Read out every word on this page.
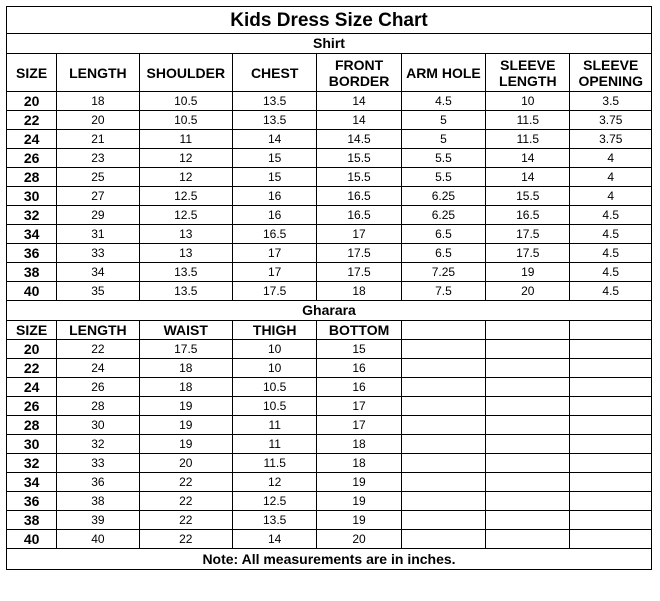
Kids Dress Size Chart							
Shirt							
SIZE	LENGTH	SHOULDER	CHEST	FRONT BORDER	ARM HOLE	SLEEVE LENGTH	SLEEVE OPENING
20	18	10.5	13.5	14	4.5	10	3.5
22	20	10.5	13.5	14	5	11.5	3.75
24	21	11	14	14.5	5	11.5	3.75
26	23	12	15	15.5	5.5	14	4
28	25	12	15	15.5	5.5	14	4
30	27	12.5	16	16.5	6.25	15.5	4
32	29	12.5	16	16.5	6.25	16.5	4.5
34	31	13	16.5	17	6.5	17.5	4.5
36	33	13	17	17.5	6.5	17.5	4.5
38	34	13.5	17	17.5	7.25	19	4.5
40	35	13.5	17.5	18	7.5	20	4.5
Gharara							
SIZE	LENGTH	WAIST	THIGH	BOTTOM			
20	22	17.5	10	15			
22	24	18	10	16			
24	26	18	10.5	16			
26	28	19	10.5	17			
28	30	19	11	17			
30	32	19	11	18			
32	33	20	11.5	18			
34	36	22	12	19			
36	38	22	12.5	19			
38	39	22	13.5	19			
40	40	22	14	20			
Note: All measurements are in inches.							
